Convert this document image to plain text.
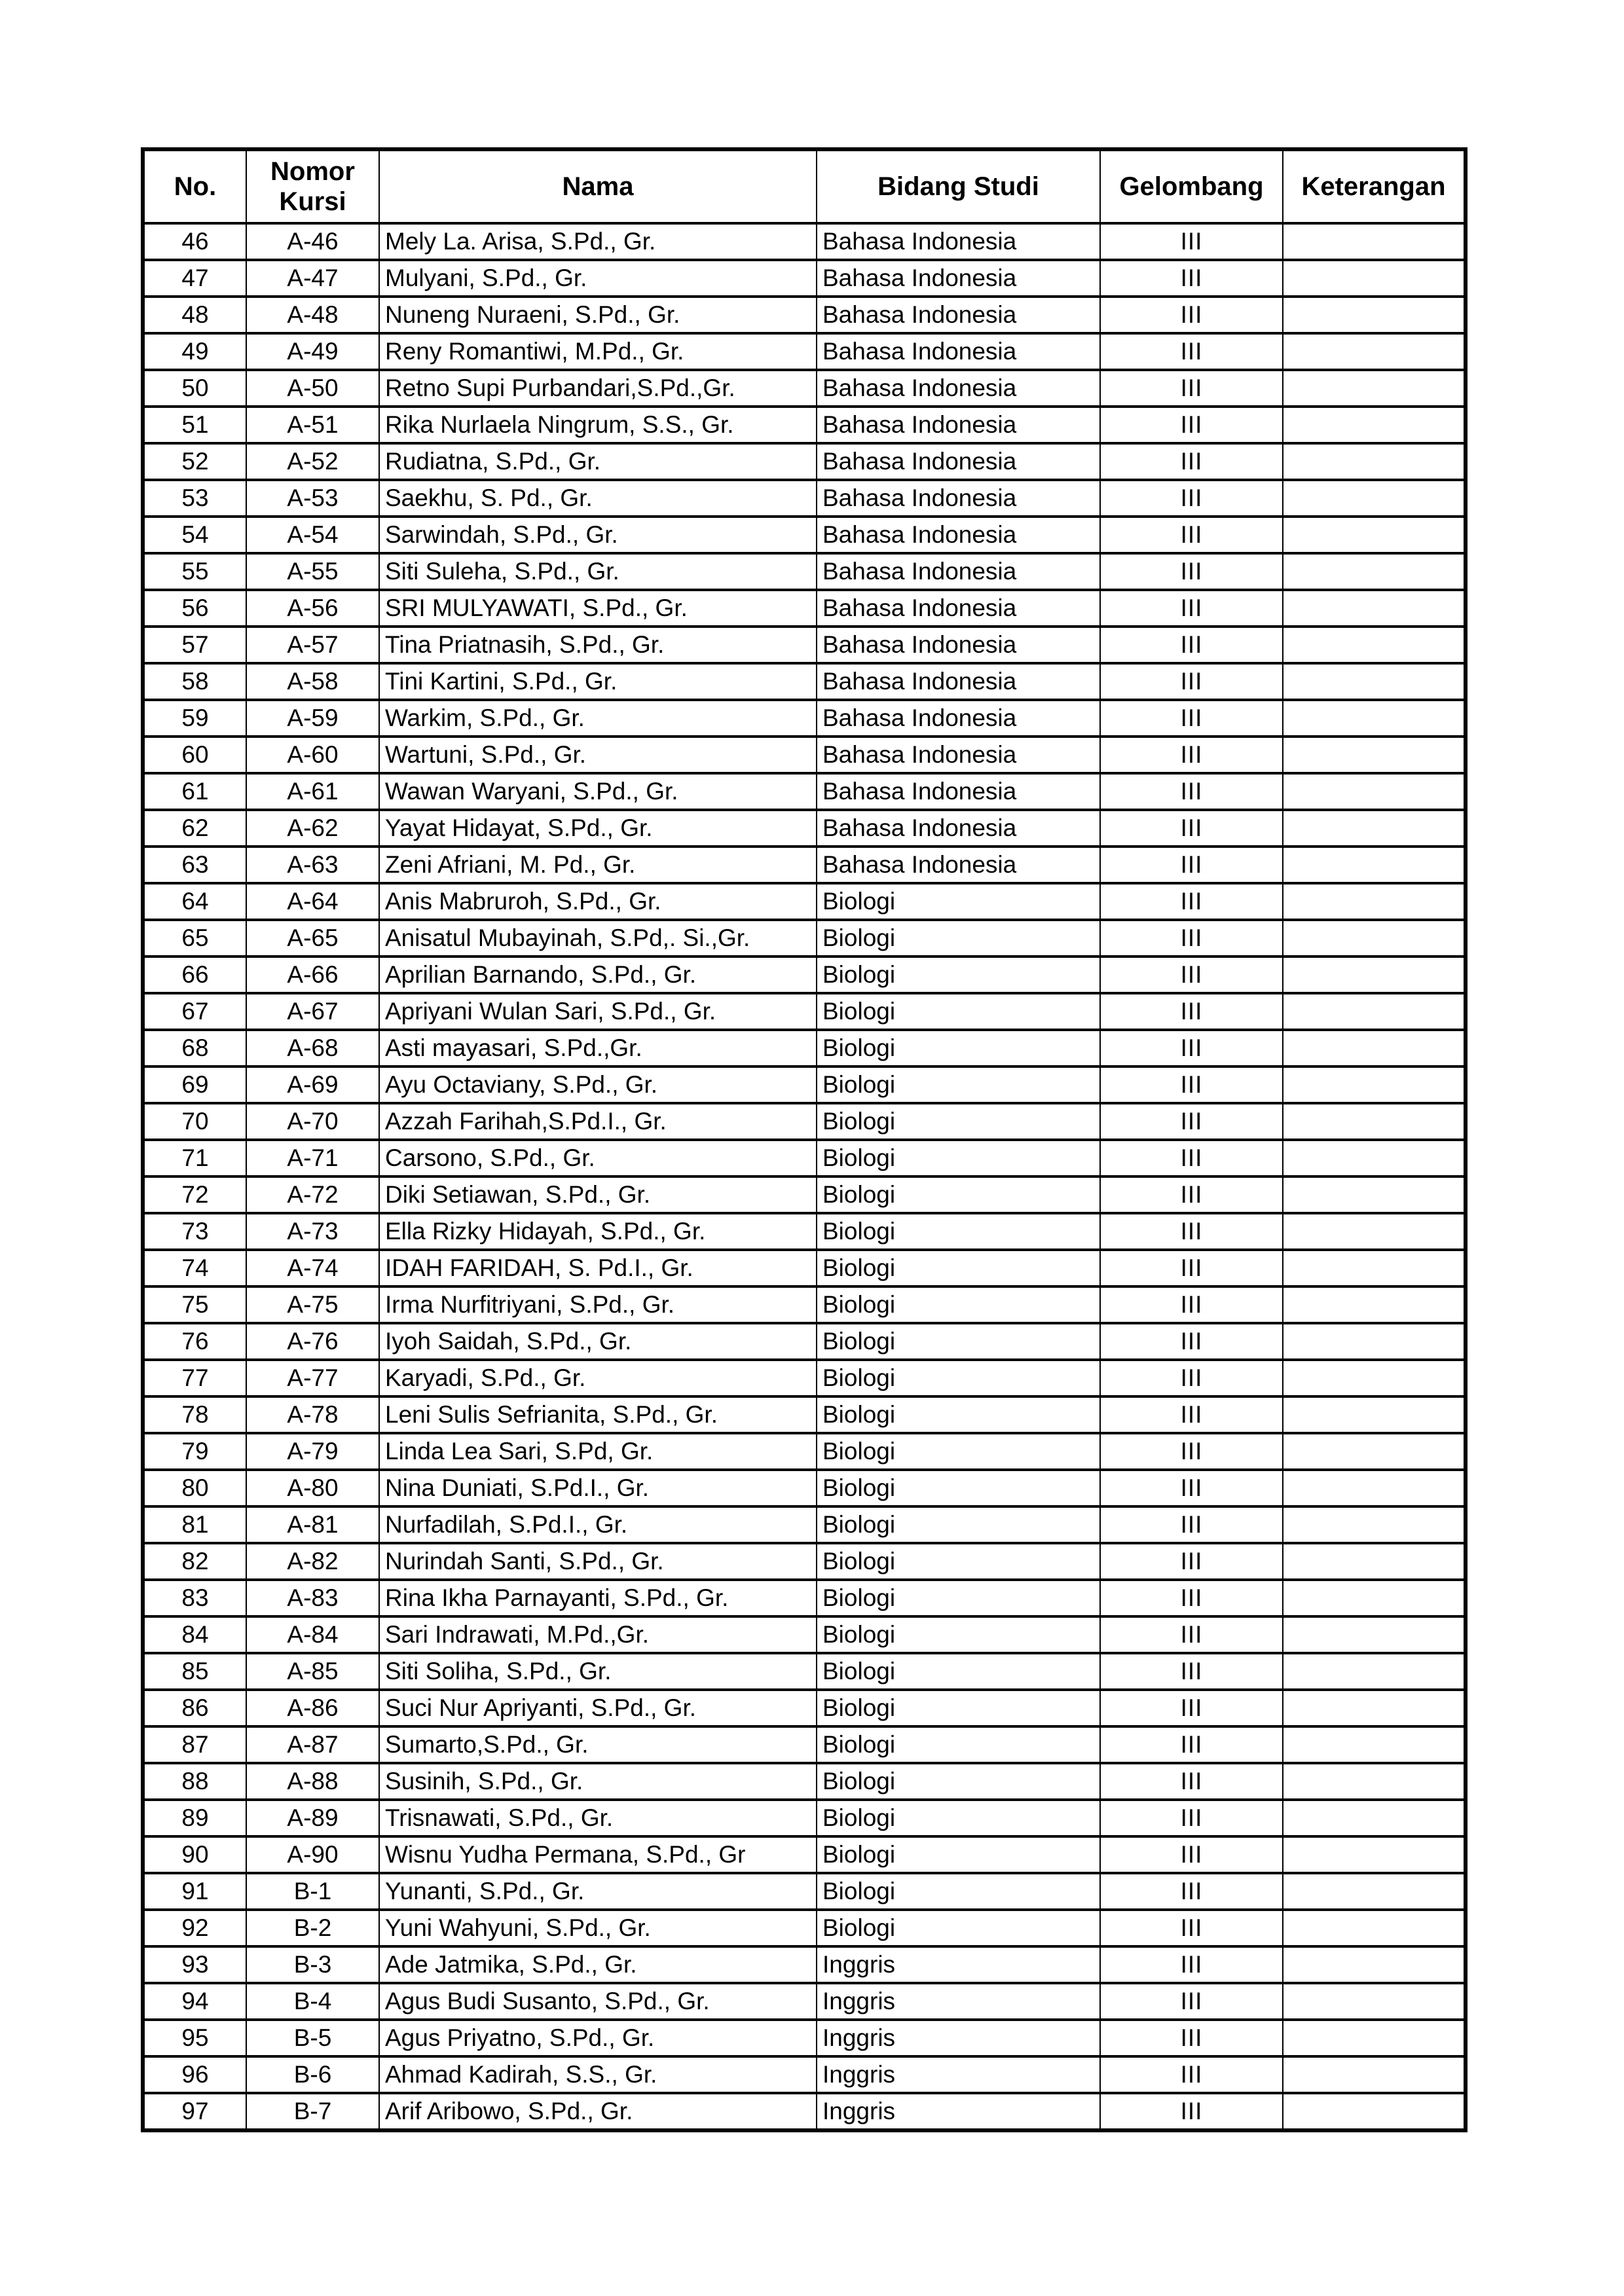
No.	Nomor Kursi	Nama	Bidang Studi	Gelombang	Keterangan
46	A-46	Mely La. Arisa, S.Pd., Gr.	Bahasa Indonesia	III	
47	A-47	Mulyani, S.Pd., Gr.	Bahasa Indonesia	III	
48	A-48	Nuneng Nuraeni, S.Pd., Gr.	Bahasa Indonesia	III	
49	A-49	Reny Romantiwi, M.Pd., Gr.	Bahasa Indonesia	III	
50	A-50	Retno Supi Purbandari,S.Pd.,Gr.	Bahasa Indonesia	III	
51	A-51	Rika Nurlaela Ningrum, S.S., Gr.	Bahasa Indonesia	III	
52	A-52	Rudiatna, S.Pd., Gr.	Bahasa Indonesia	III	
53	A-53	Saekhu, S. Pd., Gr.	Bahasa Indonesia	III	
54	A-54	Sarwindah, S.Pd., Gr.	Bahasa Indonesia	III	
55	A-55	Siti Suleha, S.Pd., Gr.	Bahasa Indonesia	III	
56	A-56	SRI MULYAWATI, S.Pd., Gr.	Bahasa Indonesia	III	
57	A-57	Tina Priatnasih, S.Pd., Gr.	Bahasa Indonesia	III	
58	A-58	Tini Kartini, S.Pd., Gr.	Bahasa Indonesia	III	
59	A-59	Warkim, S.Pd., Gr.	Bahasa Indonesia	III	
60	A-60	Wartuni, S.Pd., Gr.	Bahasa Indonesia	III	
61	A-61	Wawan Waryani, S.Pd., Gr.	Bahasa Indonesia	III	
62	A-62	Yayat Hidayat, S.Pd., Gr.	Bahasa Indonesia	III	
63	A-63	Zeni Afriani, M. Pd., Gr.	Bahasa Indonesia	III	
64	A-64	Anis Mabruroh, S.Pd., Gr.	Biologi	III	
65	A-65	Anisatul Mubayinah, S.Pd,. Si.,Gr.	Biologi	III	
66	A-66	Aprilian Barnando, S.Pd., Gr.	Biologi	III	
67	A-67	Apriyani Wulan Sari, S.Pd., Gr.	Biologi	III	
68	A-68	Asti mayasari, S.Pd.,Gr.	Biologi	III	
69	A-69	Ayu Octaviany, S.Pd., Gr.	Biologi	III	
70	A-70	Azzah Farihah,S.Pd.I., Gr.	Biologi	III	
71	A-71	Carsono, S.Pd., Gr.	Biologi	III	
72	A-72	Diki Setiawan, S.Pd., Gr.	Biologi	III	
73	A-73	Ella Rizky Hidayah, S.Pd., Gr.	Biologi	III	
74	A-74	IDAH FARIDAH, S. Pd.I., Gr.	Biologi	III	
75	A-75	Irma Nurfitriyani, S.Pd., Gr.	Biologi	III	
76	A-76	Iyoh Saidah, S.Pd., Gr.	Biologi	III	
77	A-77	Karyadi, S.Pd., Gr.	Biologi	III	
78	A-78	Leni Sulis Sefrianita, S.Pd., Gr.	Biologi	III	
79	A-79	Linda Lea Sari, S.Pd, Gr.	Biologi	III	
80	A-80	Nina Duniati, S.Pd.I., Gr.	Biologi	III	
81	A-81	Nurfadilah, S.Pd.I., Gr.	Biologi	III	
82	A-82	Nurindah Santi, S.Pd., Gr.	Biologi	III	
83	A-83	Rina Ikha Parnayanti, S.Pd., Gr.	Biologi	III	
84	A-84	Sari Indrawati, M.Pd.,Gr.	Biologi	III	
85	A-85	Siti Soliha, S.Pd., Gr.	Biologi	III	
86	A-86	Suci Nur Apriyanti, S.Pd., Gr.	Biologi	III	
87	A-87	Sumarto,S.Pd., Gr.	Biologi	III	
88	A-88	Susinih, S.Pd., Gr.	Biologi	III	
89	A-89	Trisnawati, S.Pd., Gr.	Biologi	III	
90	A-90	Wisnu Yudha Permana, S.Pd., Gr	Biologi	III	
91	B-1	Yunanti, S.Pd., Gr.	Biologi	III	
92	B-2	Yuni Wahyuni, S.Pd., Gr.	Biologi	III	
93	B-3	Ade Jatmika, S.Pd., Gr.	Inggris	III	
94	B-4	Agus Budi Susanto, S.Pd., Gr.	Inggris	III	
95	B-5	Agus Priyatno, S.Pd., Gr.	Inggris	III	
96	B-6	Ahmad Kadirah, S.S., Gr.	Inggris	III	
97	B-7	Arif Aribowo, S.Pd., Gr.	Inggris	III	
